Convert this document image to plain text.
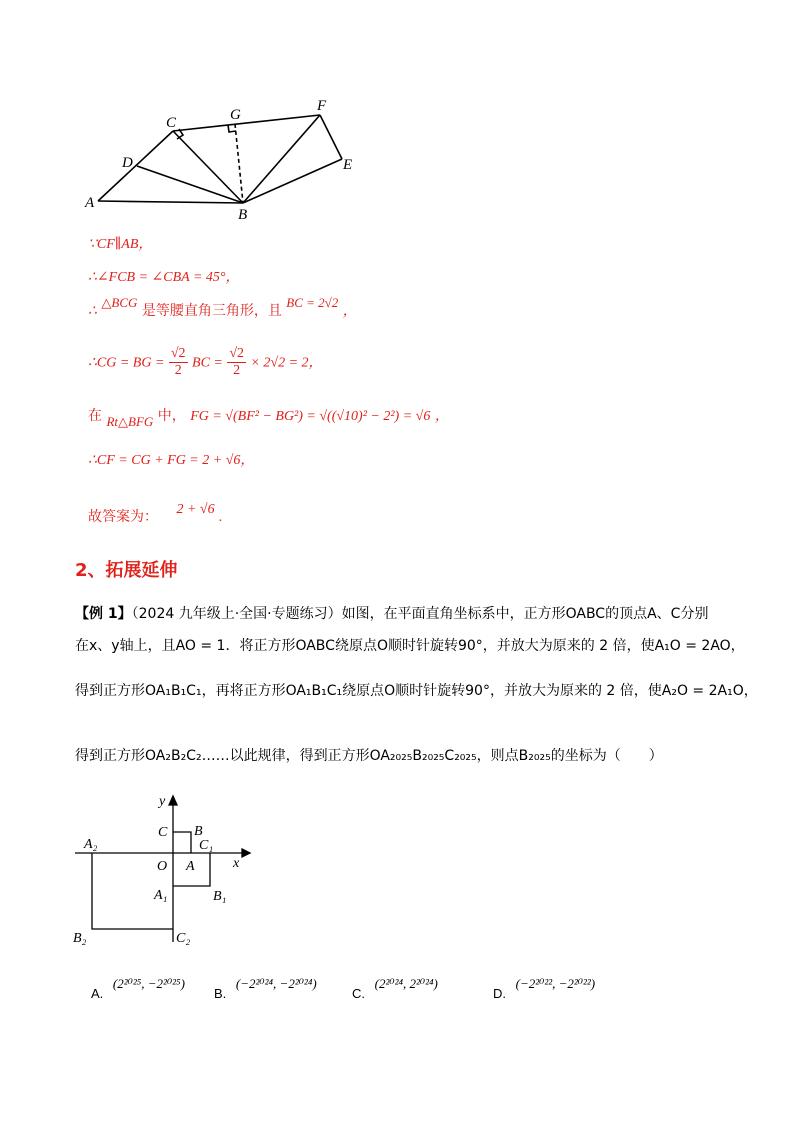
A
B
C
D	E
F
G
∵CF∥AB，
∴∠FCB = ∠CBA = 45°，
∴ △BCG 是等腰直角三角形，且 BC = 2√2 ，
∴CG = BG = $\frac{√2}{2}$ BC = $\frac{√2}{2} \times 2√2 = 2$，
在 Rt△BFG 中， FG = √(BF² − BG²) = √((√10)² − 2²) = √6 ，
∴CF = CG + FG = 2 + √6，
故答案为： 2 + √6 .
2、拓展延伸
【例 1】（2024 九年级上·全国·专题练习）如图，在平面直角坐标系中，正方形OABC的顶点A、C分别
在x、y轴上，且AO = 1．将正方形OABC绕原点O顺时针旋转90°，并放大为原来的 2 倍，使A₁O = 2AO，
得到正方形OA₁B₁C₁，再将正方形OA₁B₁C₁绕原点O顺时针旋转90°，并放大为原来的 2 倍，使A₂O = 2A₁O，
得到正方形OA₂B₂C₂……以此规律，得到正方形OA₂₀₂₅B₂₀₂₅C₂₀₂₅，则点B₂₀₂₅的坐标为（　　）
y
x
O A
B
C
A₁	B₁
C₁
A₂
B₂	C₂
A. (2²⁰²⁵, −2²⁰²⁵)
B. (−2²⁰²⁴, −2²⁰²⁴)
C. (2²⁰²⁴, 2²⁰²⁴)
D. (−2²⁰²², −2²⁰²²)
